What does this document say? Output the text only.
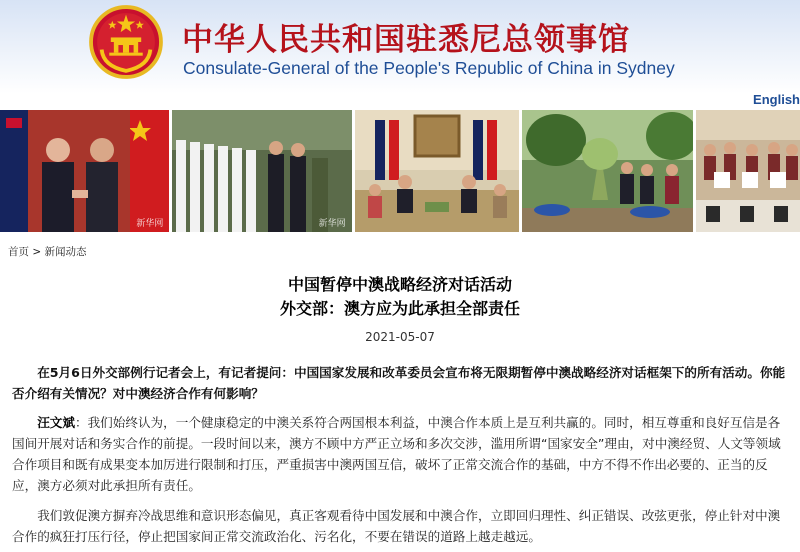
中华人民共和国驻悉尼总领事馆
Consulate-General of the People's Republic of China in Sydney
English
新华网	新华网
首页 > 新闻动态
中国暂停中澳战略经济对话活动
外交部：澳方应为此承担全部责任
2021-05-07
在5月6日外交部例行记者会上，有记者提问：中国国家发展和改革委员会宣布将无限期暂停中澳战略经济对话框架下的所有活动。你能否介绍有关情况？对中澳经济合作有何影响？
汪文斌：我们始终认为，一个健康稳定的中澳关系符合两国根本利益，中澳合作本质上是互利共赢的。同时，相互尊重和良好互信是各国间开展对话和务实合作的前提。一段时间以来，澳方不顾中方严正立场和多次交涉，滥用所谓“国家安全”理由，对中澳经贸、人文等领域合作项目和既有成果变本加厉进行限制和打压，严重损害中澳两国互信，破坏了正常交流合作的基础，中方不得不作出必要的、正当的反应，澳方必须对此承担所有责任。
我们敦促澳方摒弃冷战思维和意识形态偏见，真正客观看待中国发展和中澳合作，立即回归理性、纠正错误、改弦更张，停止针对中澳合作的疯狂打压行径，停止把国家间正常交流政治化、污名化，不要在错误的道路上越走越远。
